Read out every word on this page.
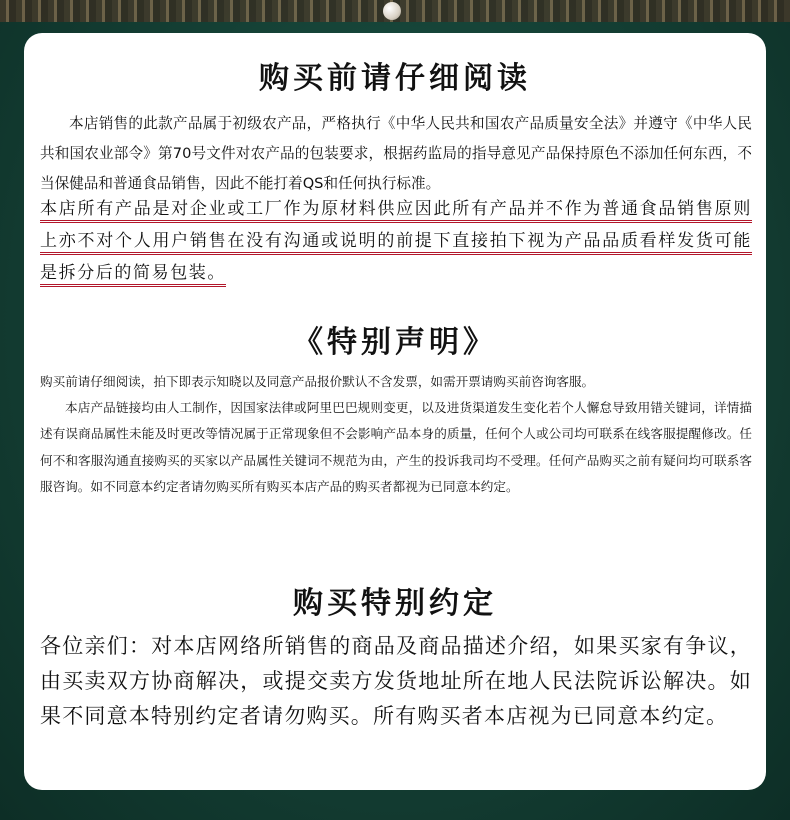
购买前请仔细阅读

本店销售的此款产品属于初级农产品，严格执行《中华人民共和国农产品质量安全法》并遵守《中华人民共和国农业部令》第70号文件对农产品的包装要求，根据药监局的指导意见产品保持原色不添加任何东西，不当保健品和普通食品销售，因此不能打着QS和任何执行标准。

本店所有产品是对企业或工厂作为原材料供应因此所有产品并不作为普通食品销售原则上亦不对个人用户销售在没有沟通或说明的前提下直接拍下视为产品品质看样发货可能是拆分后的简易包装。

《特别声明》

购买前请仔细阅读，拍下即表示知晓以及同意产品报价默认不含发票，如需开票请购买前咨询客服。

本店产品链接均由人工制作，因国家法律或阿里巴巴规则变更，以及进货渠道发生变化若个人懈怠导致用错关键词，详情描述有误商品属性未能及时更改等情况属于正常现象但不会影响产品本身的质量，任何个人或公司均可联系在线客服提醒修改。任何不和客服沟通直接购买的买家以产品属性关键词不规范为由，产生的投诉我司均不受理。任何产品购买之前有疑问均可联系客服咨询。如不同意本约定者请勿购买所有购买本店产品的购买者都视为已同意本约定。

购买特别约定

各位亲们：对本店网络所销售的商品及商品描述介绍，如果买家有争议，由买卖双方协商解决，或提交卖方发货地址所在地人民法院诉讼解决。如果不同意本特别约定者请勿购买。所有购买者本店视为已同意本约定。
